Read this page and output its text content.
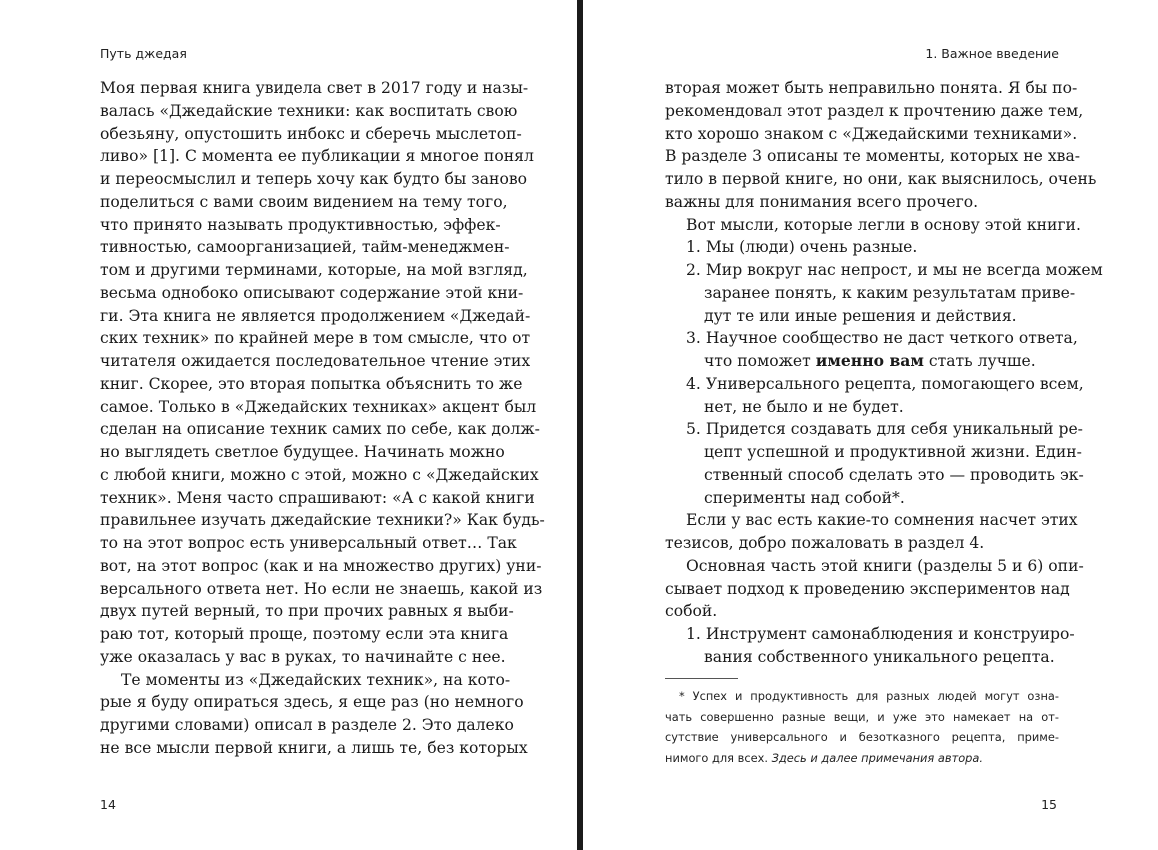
Путь джедая
Моя первая книга увидела свет в 2017 году и назы-
валась «Джедайские техники: как воспитать свою
обезьяну, опустошить инбокс и сберечь мыслетоп-
ливо» [1]. С момента ее публикации я многое понял
и переосмыслил и теперь хочу как будто бы заново
поделиться с вами своим видением на тему того,
что принято называть продуктивностью, эффек-
тивностью, самоорганизацией, тайм-менеджмен-
том и другими терминами, которые, на мой взгляд,
весьма однобоко описывают содержание этой кни-
ги. Эта книга не является продолжением «Джедай-
ских техник» по крайней мере в том смысле, что от
читателя ожидается последовательное чтение этих
книг. Скорее, это вторая попытка объяснить то же
самое. Только в «Джедайских техниках» акцент был
сделан на описание техник самих по себе, как долж-
но выглядеть светлое будущее. Начинать можно
с любой книги, можно с этой, можно с «Джедайских
техник». Меня часто спрашивают: «А с какой книги
правильнее изучать джедайские техники?» Как будь-
то на этот вопрос есть универсальный ответ… Так
вот, на этот вопрос (как и на множество других) уни-
версального ответа нет. Но если не знаешь, какой из
двух путей верный, то при прочих равных я выби-
раю тот, который проще, поэтому если эта книга
уже оказалась у вас в руках, то начинайте с нее.
Те моменты из «Джедайских техник», на кото-
рые я буду опираться здесь, я еще раз (но немного
другими словами) описал в разделе 2. Это далеко
не все мысли первой книги, а лишь те, без которых
14
1. Важное введение
вторая может быть неправильно понята. Я бы по-
рекомендовал этот раздел к прочтению даже тем,
кто хорошо знаком с «Джедайскими техниками».
В разделе 3 описаны те моменты, которых не хва-
тило в первой книге, но они, как выяснилось, очень
важны для понимания всего прочего.
Вот мысли, которые легли в основу этой книги.
1. Мы (люди) очень разные.
2. Мир вокруг нас непрост, и мы не всегда можем
заранее понять, к каким результатам приве-
дут те или иные решения и действия.
3. Научное сообщество не даст четкого ответа,
что поможет именно вам стать лучше.
4. Универсального рецепта, помогающего всем,
нет, не было и не будет.
5. Придется создавать для себя уникальный ре-
цепт успешной и продуктивной жизни. Един-
ственный способ сделать это — проводить эк-
сперименты над собой*.
Если у вас есть какие-то сомнения насчет этих
тезисов, добро пожаловать в раздел 4.
Основная часть этой книги (разделы 5 и 6) опи-
сывает подход к проведению экспериментов над
собой.
1. Инструмент самонаблюдения и конструиро-
вания собственного уникального рецепта.
* Успех и продуктивность для разных людей могут озна-
чать совершенно разные вещи, и уже это намекает на от-
сутствие универсального и безотказного рецепта, приме-
нимого для всех. Здесь и далее примечания автора.
15
